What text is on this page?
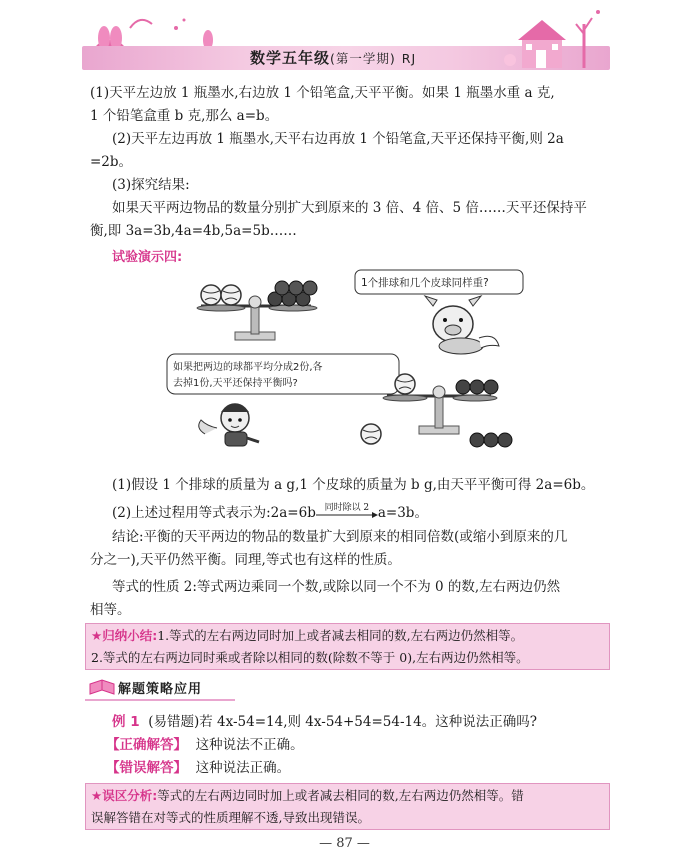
数学五年级(第一学期) RJ
(1)天平左边放 1 瓶墨水,右边放 1 个铅笔盒,天平平衡。如果 1 瓶墨水重 a 克,
1 个铅笔盒重 b 克,那么 a=b。
(2)天平左边再放 1 瓶墨水,天平右边再放 1 个铅笔盒,天平还保持平衡,则 2a
=2b。
(3)探究结果:
如果天平两边物品的数量分别扩大到原来的 3 倍、4 倍、5 倍……天平还保持平
衡,即 3a=3b,4a=4b,5a=5b……
试验演示四:
1个排球和几个皮球同样重?
如果把两边的球都平均分成2份,各
去掉1份,天平还保持平衡吗?
(1)假设 1 个排球的质量为 a g,1 个皮球的质量为 b g,由天平平衡可得 2a=6b。
(2)上述过程用等式表示为:2a=6b 同时除以 2 a=3b。
结论:平衡的天平两边的物品的数量扩大到原来的相同倍数(或缩小到原来的几
分之一),天平仍然平衡。同理,等式也有这样的性质。
等式的性质 2:等式两边乘同一个数,或除以同一个不为 0 的数,左右两边仍然
相等。
★归纳小结:1.等式的左右两边同时加上或者减去相同的数,左右两边仍然相等。
2.等式的左右两边同时乘或者除以相同的数(除数不等于 0),左右两边仍然相等。
解题策略应用
例 1 (易错题)若 4x-54=14,则 4x-54+54=54-14。这种说法正确吗?
【正确解答】 这种说法不正确。
【错误解答】 这种说法正确。
★误区分析:等式的左右两边同时加上或者减去相同的数,左右两边仍然相等。错
误解答错在对等式的性质理解不透,导致出现错误。
— 87 —
